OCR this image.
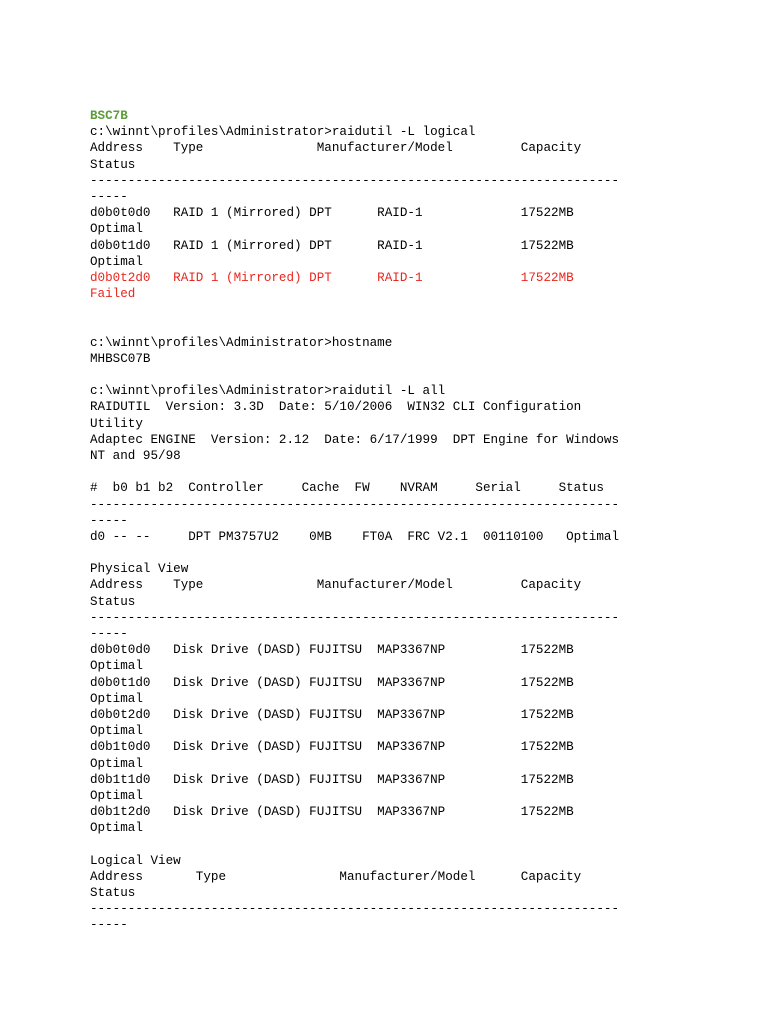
BSC7B
c:\winnt\profiles\Administrator>raidutil -L logical
Address    Type               Manufacturer/Model         Capacity
Status
----------------------------------------------------------------------
-----
d0b0t0d0   RAID 1 (Mirrored) DPT      RAID-1             17522MB
Optimal
d0b0t1d0   RAID 1 (Mirrored) DPT      RAID-1             17522MB
Optimal
d0b0t2d0   RAID 1 (Mirrored) DPT      RAID-1             17522MB
Failed
c:\winnt\profiles\Administrator>hostname
MHBSC07B
c:\winnt\profiles\Administrator>raidutil -L all
RAIDUTIL  Version: 3.3D  Date: 5/10/2006  WIN32 CLI Configuration
Utility
Adaptec ENGINE  Version: 2.12  Date: 6/17/1999  DPT Engine for Windows
NT and 95/98
#  b0 b1 b2  Controller     Cache  FW    NVRAM     Serial     Status
----------------------------------------------------------------------
-----
d0 -- --     DPT PM3757U2    0MB    FT0A  FRC V2.1  00110100   Optimal
Physical View
Address    Type               Manufacturer/Model         Capacity
Status
----------------------------------------------------------------------
-----
d0b0t0d0   Disk Drive (DASD) FUJITSU  MAP3367NP          17522MB
Optimal
d0b0t1d0   Disk Drive (DASD) FUJITSU  MAP3367NP          17522MB
Optimal
d0b0t2d0   Disk Drive (DASD) FUJITSU  MAP3367NP          17522MB
Optimal
d0b1t0d0   Disk Drive (DASD) FUJITSU  MAP3367NP          17522MB
Optimal
d0b1t1d0   Disk Drive (DASD) FUJITSU  MAP3367NP          17522MB
Optimal
d0b1t2d0   Disk Drive (DASD) FUJITSU  MAP3367NP          17522MB
Optimal
Logical View
Address       Type               Manufacturer/Model      Capacity
Status
----------------------------------------------------------------------
-----
